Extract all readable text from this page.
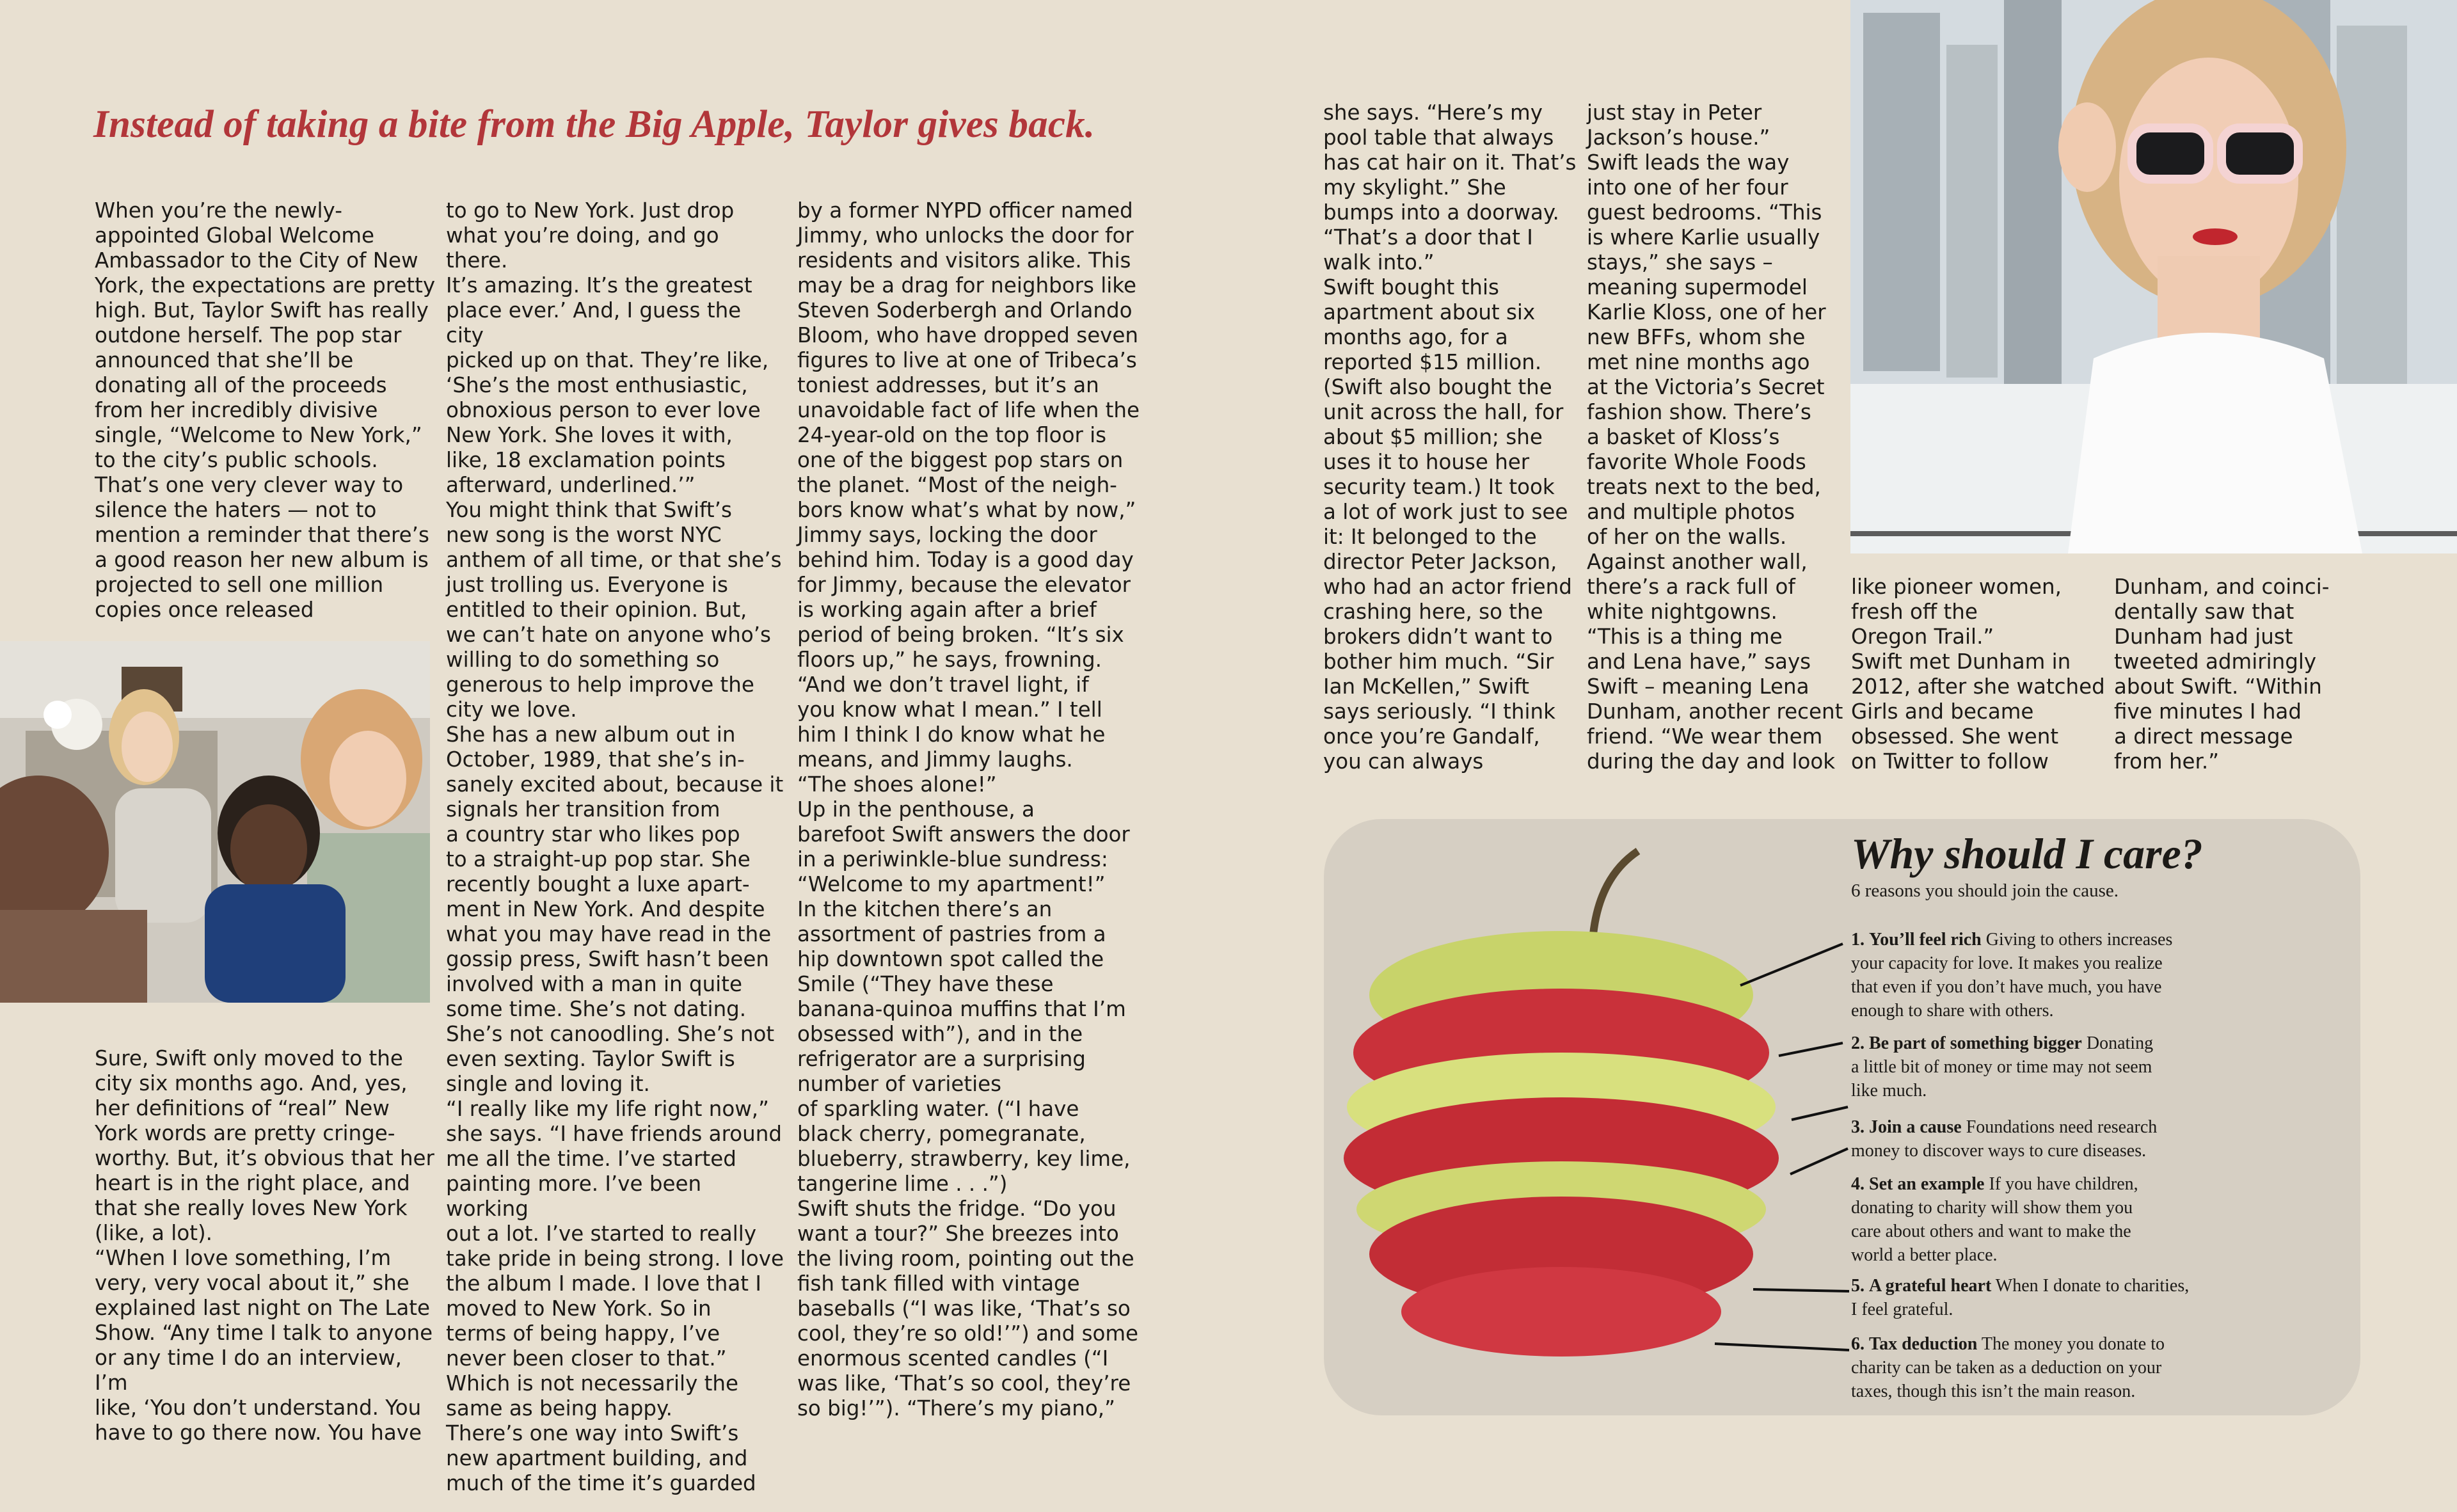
Instead of taking a bite from the Big Apple, Taylor gives back.
When you’re the newly-
appointed Global Welcome
Ambassador to the City of New
York, the expectations are pretty
high. But, Taylor Swift has really
outdone herself. The pop star
announced that she’ll be
donating all of the proceeds
from her incredibly divisive
single, “Welcome to New York,”
to the city’s public schools.
That’s one very clever way to
silence the haters — not to
mention a reminder that there’s
a good reason her new album is
projected to sell one million
copies once released
Sure, Swift only moved to the
city six months ago. And, yes,
her definitions of “real” New
York words are pretty cringe-
worthy. But, it’s obvious that her
heart is in the right place, and
that she really loves New York
(like, a lot).
“When I love something, I’m
very, very vocal about it,” she
explained last night on The Late
Show. “Any time I talk to anyone
or any time I do an interview, I’m
like, ‘You don’t understand. You
have to go there now. You have
to go to New York. Just drop
what you’re doing, and go there.
It’s amazing. It’s the greatest
place ever.’ And, I guess the city
picked up on that. They’re like,
‘She’s the most enthusiastic,
obnoxious person to ever love
New York. She loves it with,
like, 18 exclamation points
afterward, underlined.’”
You might think that Swift’s
new song is the worst NYC
anthem of all time, or that she’s
just trolling us. Everyone is
entitled to their opinion. But,
we can’t hate on anyone who’s
willing to do something so
generous to help improve the
city we love.
She has a new album out in
October, 1989, that she’s in-
sanely excited about, because it
signals her transition from
a country star who likes pop
to a straight-up pop star. She
recently bought a luxe apart-
ment in New York. And despite
what you may have read in the
gossip press, Swift hasn’t been
involved with a man in quite
some time. She’s not dating.
She’s not canoodling. She’s not
even sexting. Taylor Swift is
single and loving it.
“I really like my life right now,”
she says. “I have friends around
me all the time. I’ve started
painting more. I’ve been working
out a lot. I’ve started to really
take pride in being strong. I love
the album I made. I love that I
moved to New York. So in
terms of being happy, I’ve
never been closer to that.”
Which is not necessarily the
same as being happy.
There’s one way into Swift’s
new apartment building, and
much of the time it’s guarded
by a former NYPD officer named
Jimmy, who unlocks the door for
residents and visitors alike. This
may be a drag for neighbors like
Steven Soderbergh and Orlando
Bloom, who have dropped seven
figures to live at one of Tribeca’s
toniest addresses, but it’s an
unavoidable fact of life when the
24-year-old on the top floor is
one of the biggest pop stars on
the planet. “Most of the neigh-
bors know what’s what by now,”
Jimmy says, locking the door
behind him. Today is a good day
for Jimmy, because the elevator
is working again after a brief
period of being broken. “It’s six
floors up,” he says, frowning.
“And we don’t travel light, if
you know what I mean.” I tell
him I think I do know what he
means, and Jimmy laughs.
“The shoes alone!”
Up in the penthouse, a
barefoot Swift answers the door
in a periwinkle-blue sundress:
“Welcome to my apartment!”
In the kitchen there’s an
assortment of pastries from a
hip downtown spot called the
Smile (“They have these
banana-quinoa muffins that I’m
obsessed with”), and in the
refrigerator are a surprising
number of varieties
of sparkling water. (“I have
black cherry, pomegranate,
blueberry, strawberry, key lime,
tangerine lime . . .”)
Swift shuts the fridge. “Do you
want a tour?” She breezes into
the living room, pointing out the
fish tank filled with vintage
baseballs (“I was like, ‘That’s so
cool, they’re so old!’”) and some
enormous scented candles (“I
was like, ‘That’s so cool, they’re
so big!’”). “There’s my piano,”
she says. “Here’s my
pool table that always
has cat hair on it. That’s
my skylight.” She
bumps into a doorway.
“That’s a door that I
walk into.”
Swift bought this
apartment about six
months ago, for a
reported $15 million.
(Swift also bought the
unit across the hall, for
about $5 million; she
uses it to house her
security team.) It took
a lot of work just to see
it: It belonged to the
director Peter Jackson,
who had an actor friend
crashing here, so the
brokers didn’t want to
bother him much. “Sir
Ian McKellen,” Swift
says seriously. “I think
once you’re Gandalf,
you can always
just stay in Peter
Jackson’s house.”
Swift leads the way
into one of her four
guest bedrooms. “This
is where Karlie usually
stays,” she says –
meaning supermodel
Karlie Kloss, one of her
new BFFs, whom she
met nine months ago
at the Victoria’s Secret
fashion show. There’s
a basket of Kloss’s
favorite Whole Foods
treats next to the bed,
and multiple photos
of her on the walls.
Against another wall,
there’s a rack full of
white nightgowns.
“This is a thing me
and Lena have,” says
Swift – meaning Lena
Dunham, another recent
friend. “We wear them
during the day and look
like pioneer women,
fresh off the
Oregon Trail.”
Swift met Dunham in
2012, after she watched
Girls and became
obsessed. She went
on Twitter to follow
Dunham, and coinci-
dentally saw that
Dunham had just
tweeted admiringly
about Swift. “Within
five minutes I had
a direct message
from her.”
Why should I care?

6 reasons you should join the cause.

1. You’ll feel rich Giving to others increases
your capacity for love. It makes you realize
that even if you don’t have much, you have
enough to share with others.
2. Be part of something bigger Donating
a little bit of money or time may not seem
like much.
3. Join a cause Foundations need research
money to discover ways to cure diseases.
4. Set an example If you have children,
donating to charity will show them you
care about others and want to make the
world a better place.
5. A grateful heart When I donate to charities,
I feel grateful.
6. Tax deduction The money you donate to
charity can be taken as a deduction on your
taxes, though this isn’t the main reason.
